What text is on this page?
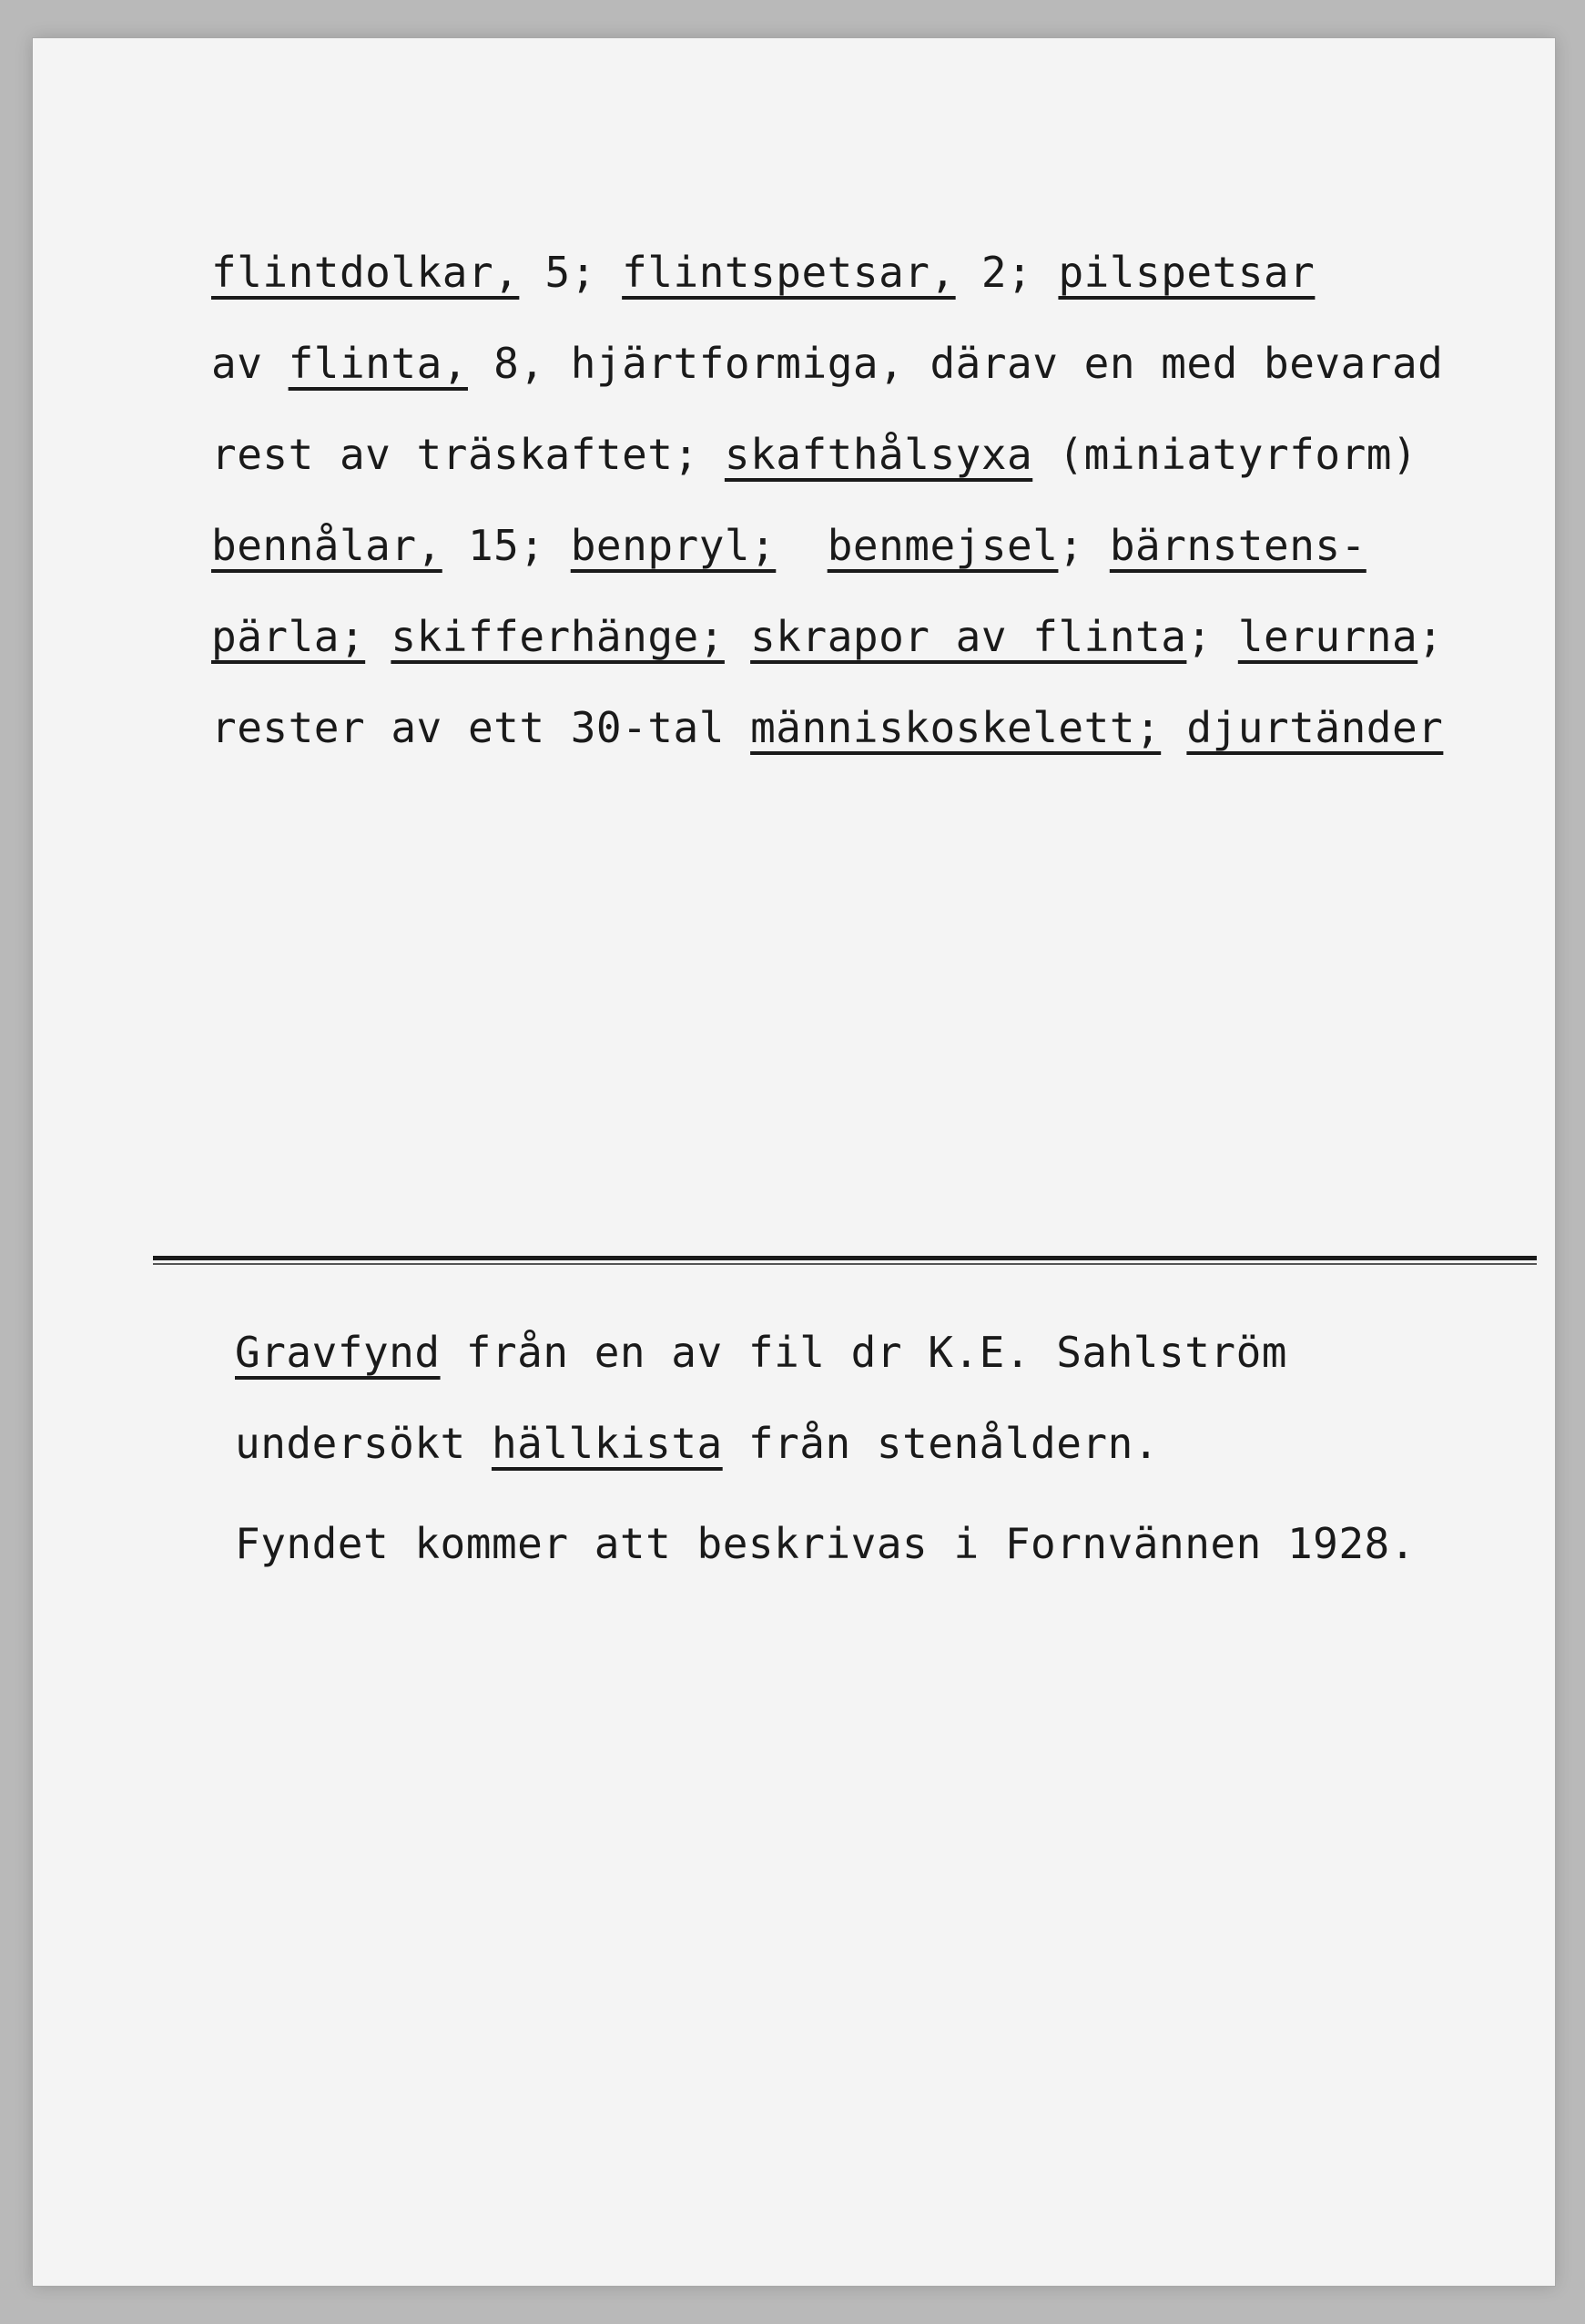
flintdolkar, 5; flintspetsar, 2; pilspetsar
av flinta, 8, hjärtformiga, därav en med bevarad
rest av träskaftet; skafthålsyxa (miniatyrform)
bennålar, 15; benpryl; benmejsel; bärnstens-
pärla; skifferhänge; skrapor av flinta; lerurna;
rester av ett 30-tal människoskelett; djurtänder
Gravfynd från en av fil dr K.E. Sahlström
undersökt hällkista från stenåldern.
Fyndet kommer att beskrivas i Fornvännen 1928.
